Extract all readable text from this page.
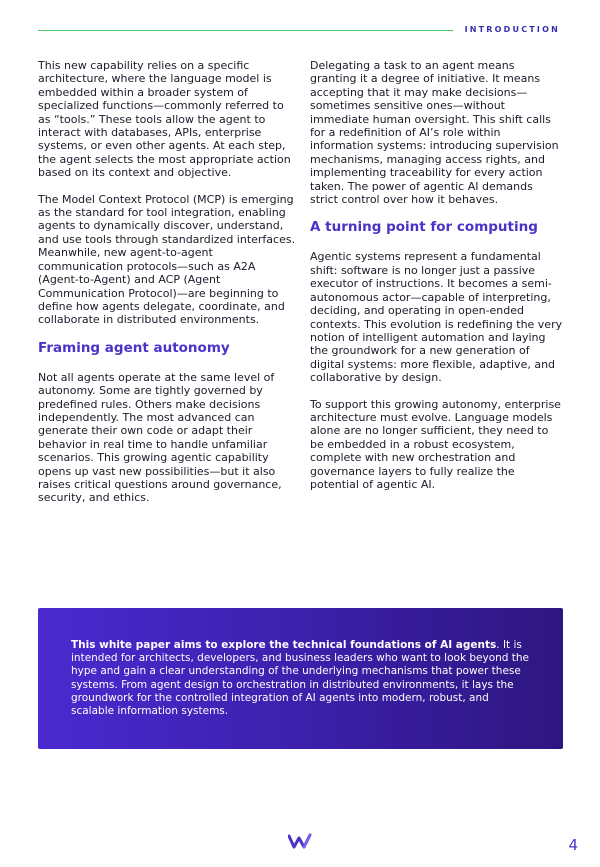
INTRODUCTION

This new capability relies on a specific architecture, where the language model is embedded within a broader system of specialized functions—commonly referred to as “tools.” These tools allow the agent to interact with databases, APIs, enterprise systems, or even other agents. At each step, the agent selects the most appropriate action based on its context and objective.

The Model Context Protocol (MCP) is emerging as the standard for tool integration, enabling agents to dynamically discover, understand, and use tools through standardized interfaces. Meanwhile, new agent-to-agent communication protocols—such as A2A (Agent-to-Agent) and ACP (Agent Communication Protocol)—are beginning to define how agents delegate, coordinate, and collaborate in distributed environments.

Framing agent autonomy

Not all agents operate at the same level of autonomy. Some are tightly governed by predefined rules. Others make decisions independently. The most advanced can generate their own code or adapt their behavior in real time to handle unfamiliar scenarios. This growing agentic capability opens up vast new possibilities—but it also raises critical questions around governance, security, and ethics.

Delegating a task to an agent means granting it a degree of initiative. It means accepting that it may make decisions—sometimes sensitive ones—without immediate human oversight. This shift calls for a redefinition of AI’s role within information systems: introducing supervision mechanisms, managing access rights, and implementing traceability for every action taken. The power of agentic AI demands strict control over how it behaves.

A turning point for computing

Agentic systems represent a fundamental shift: software is no longer just a passive executor of instructions. It becomes a semi-autonomous actor—capable of interpreting, deciding, and operating in open-ended contexts. This evolution is redefining the very notion of intelligent automation and laying the groundwork for a new generation of digital systems: more flexible, adaptive, and collaborative by design.

To support this growing autonomy, enterprise architecture must evolve. Language models alone are no longer sufficient, they need to be embedded in a robust ecosystem, complete with new orchestration and governance layers to fully realize the potential of agentic AI.

This white paper aims to explore the technical foundations of AI agents. It is intended for architects, developers, and business leaders who want to look beyond the hype and gain a clear understanding of the underlying mechanisms that power these systems. From agent design to orchestration in distributed environments, it lays the groundwork for the controlled integration of AI agents into modern, robust, and scalable information systems.
4
